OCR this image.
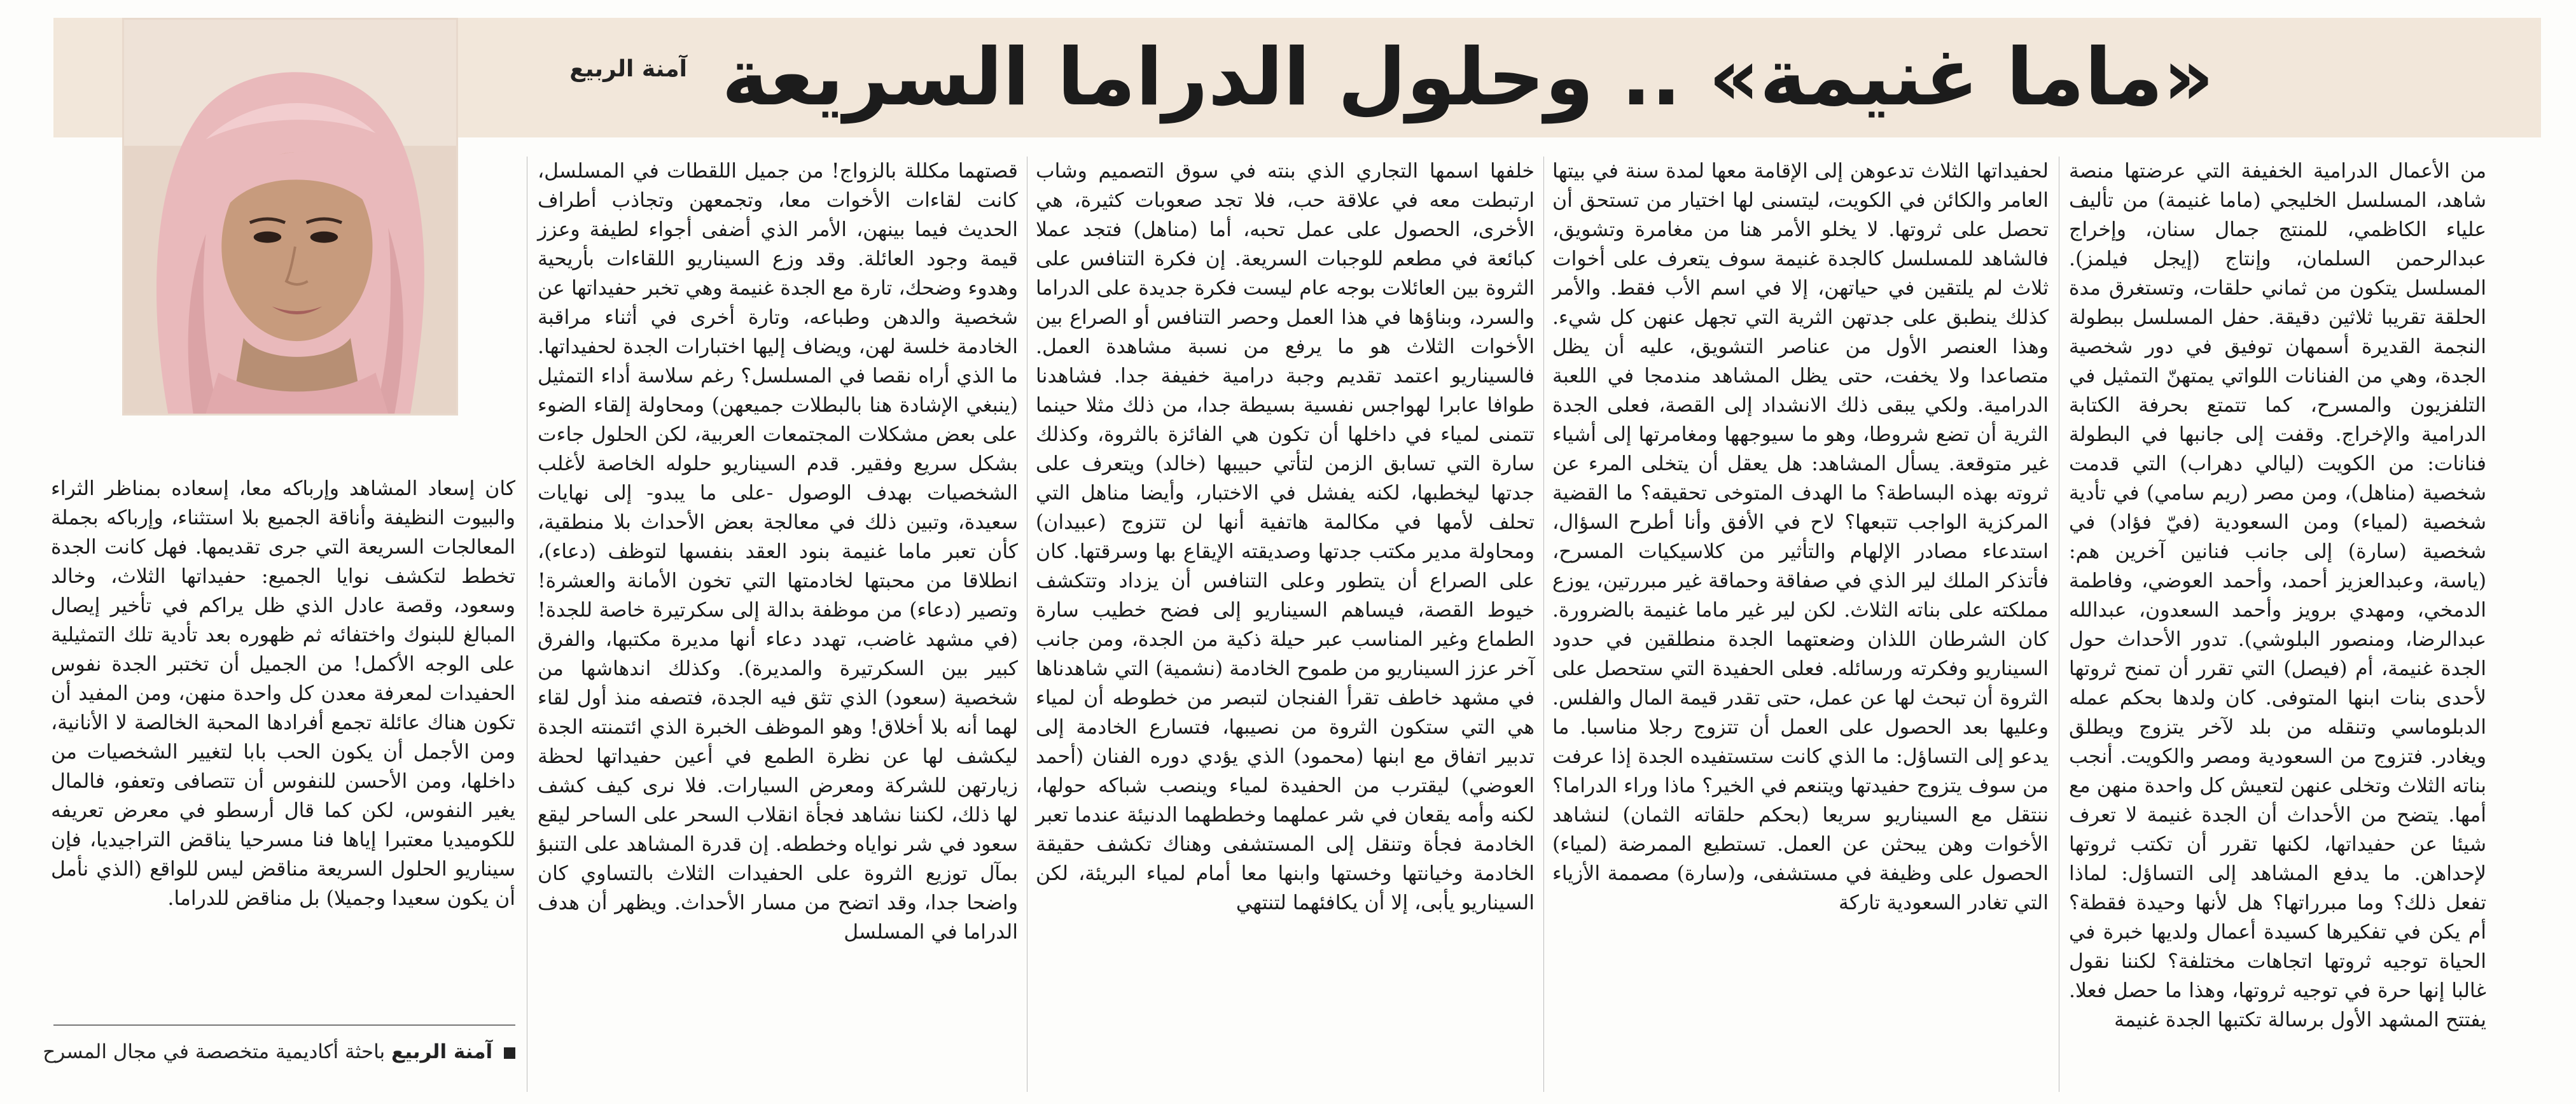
«ماما غنيمة» .. وحلول الدراما السريعة
آمنة الربيع

من الأعمال الدرامية الخفيفة التي عرضتها منصة شاهد، المسلسل الخليجي (ماما غنيمة) من تأليف علياء الكاظمي، للمنتج جمال سنان، وإخراج عبدالرحمن السلمان، وإنتاج (إيجل فيلمز). المسلسل يتكون من ثماني حلقات، وتستغرق مدة الحلقة تقريبا ثلاثين دقيقة. حفل المسلسل ببطولة النجمة القديرة أسمهان توفيق في دور شخصية الجدة، وهي من الفنانات اللواتي يمتهنّ التمثيل في التلفزيون والمسرح، كما تتمتع بحرفة الكتابة الدرامية والإخراج. وقفت إلى جانبها في البطولة فنانات: من الكويت (ليالي دهراب) التي قدمت شخصية (مناهل)، ومن مصر (ريم سامي) في تأدية شخصية (لمياء) ومن السعودية (فيّ فؤاد) في شخصية (سارة) إلى جانب فنانين آخرين هم: (ياسة، وعبدالعزيز أحمد، وأحمد العوضي، وفاطمة الدمخي، ومهدي برويز وأحمد السعدون، عبدالله عبدالرضا، ومنصور البلوشي). تدور الأحداث حول الجدة غنيمة، أم (فيصل) التي تقرر أن تمنح ثروتها لأحدى بنات ابنها المتوفى. كان ولدها بحكم عمله الدبلوماسي وتنقله من بلد لآخر يتزوج ويطلق ويغادر. فتزوج من السعودية ومصر والكويت. أنجب بناته الثلاث وتخلى عنهن لتعيش كل واحدة منهن مع أمها. يتضح من الأحداث أن الجدة غنيمة لا تعرف شيئا عن حفيداتها، لكنها تقرر أن تكتب ثروتها لإحداهن. ما يدفع المشاهد إلى التساؤل: لماذا تفعل ذلك؟ وما مبرراتها؟ هل لأنها وحيدة فقطة؟ أم يكن في تفكيرها كسيدة أعمال ولديها خبرة في الحياة توجيه ثروتها اتجاهات مختلفة؟ لكننا نقول غالبا إنها حرة في توجيه ثروتها، وهذا ما حصل فعلا. يفتتح المشهد الأول برسالة تكتبها الجدة غنيمة

لحفيداتها الثلاث تدعوهن إلى الإقامة معها لمدة سنة في بيتها العامر والكائن في الكويت، ليتسنى لها اختيار من تستحق أن تحصل على ثروتها. لا يخلو الأمر هنا من مغامرة وتشويق، فالشاهد للمسلسل كالجدة غنيمة سوف يتعرف على أخوات ثلاث لم يلتقين في حياتهن، إلا في اسم الأب فقط. والأمر كذلك ينطبق على جدتهن الثرية التي تجهل عنهن كل شيء. وهذا العنصر الأول من عناصر التشويق، عليه أن يظل متصاعدا ولا يخفت، حتى يظل المشاهد مندمجا في اللعبة الدرامية. ولكي يبقى ذلك الانشداد إلى القصة، فعلى الجدة الثرية أن تضع شروطا، وهو ما سيوجهها ومغامرتها إلى أشياء غير متوقعة. يسأل المشاهد: هل يعقل أن يتخلى المرء عن ثروته بهذه البساطة؟ ما الهدف المتوخى تحقيقه؟ ما القضية المركزية الواجب تتبعها؟ لاح في الأفق وأنا أطرح السؤال، استدعاء مصادر الإلهام والتأثير من كلاسيكيات المسرح، فأتذكر الملك لير الذي في صفاقة وحماقة غير مبررتين، يوزع مملكته على بناته الثلاث. لكن لير غير ماما غنيمة بالضرورة. كان الشرطان اللذان وضعتهما الجدة منطلقين في حدود السيناريو وفكرته ورسائله. فعلى الحفيدة التي ستحصل على الثروة أن تبحث لها عن عمل، حتى تقدر قيمة المال والفلس. وعليها بعد الحصول على العمل أن تتزوج رجلا مناسبا. ما يدعو إلى التساؤل: ما الذي كانت ستستفيده الجدة إذا عرفت من سوف يتزوج حفيدتها ويتنعم في الخير؟ ماذا وراء الدراما؟ ننتقل مع السيناريو سريعا (بحكم حلقاته الثمان) لنشاهد الأخوات وهن يبحثن عن العمل. تستطيع الممرضة (لمياء) الحصول على وظيفة في مستشفى، و(سارة) مصممة الأزياء التي تغادر السعودية تاركة

خلفها اسمها التجاري الذي بنته في سوق التصميم وشاب ارتبطت معه في علاقة حب، فلا تجد صعوبات كثيرة، هي الأخرى، الحصول على عمل تحبه، أما (مناهل) فتجد عملا كبائعة في مطعم للوجبات السريعة. إن فكرة التنافس على الثروة بين العائلات بوجه عام ليست فكرة جديدة على الدراما والسرد، وبناؤها في هذا العمل وحصر التنافس أو الصراع بين الأخوات الثلاث هو ما يرفع من نسبة مشاهدة العمل. فالسيناريو اعتمد تقديم وجبة درامية خفيفة جدا. فشاهدنا طوافا عابرا لهواجس نفسية بسيطة جدا، من ذلك مثلا حينما تتمنى لمياء في داخلها أن تكون هي الفائزة بالثروة، وكذلك سارة التي تسابق الزمن لتأتي حبيبها (خالد) ويتعرف على جدتها ليخطبها، لكنه يفشل في الاختبار، وأيضا مناهل التي تحلف لأمها في مكالمة هاتفية أنها لن تتزوج (عبيدان) ومحاولة مدير مكتب جدتها وصديقته الإيقاع بها وسرقتها. كان على الصراع أن يتطور وعلى التنافس أن يزداد وتتكشف خيوط القصة، فيساهم السيناريو إلى فضح خطيب سارة الطماع وغير المناسب عبر حيلة ذكية من الجدة، ومن جانب آخر عزز السيناريو من طموح الخادمة (نشمية) التي شاهدناها في مشهد خاطف تقرأ الفنجان لتبصر من خطوطه أن لمياء هي التي ستكون الثروة من نصيبها، فتسارع الخادمة إلى تدبير اتفاق مع ابنها (محمود) الذي يؤدي دوره الفنان (أحمد العوضي) ليقترب من الحفيدة لمياء وينصب شباكه حولها، لكنه وأمه يقعان في شر عملهما وخططهما الدنيئة عندما تعبر الخادمة فجأة وتنقل إلى المستشفى وهناك تكشف حقيقة الخادمة وخيانتها وخستها وابنها معا أمام لمياء البريئة، لكن السيناريو يأبى، إلا أن يكافئهما لتنتهي

قصتهما مكللة بالزواج! من جميل اللقطات في المسلسل، كانت لقاءات الأخوات معا، وتجمعهن وتجاذب أطراف الحديث فيما بينهن، الأمر الذي أضفى أجواء لطيفة وعزز قيمة وجود العائلة. وقد وزع السيناريو اللقاءات بأريحية وهدوء وضحك، تارة مع الجدة غنيمة وهي تخبر حفيداتها عن شخصية والدهن وطباعه، وتارة أخرى في أثناء مراقبة الخادمة خلسة لهن، ويضاف إليها اختبارات الجدة لحفيداتها. ما الذي أراه نقصا في المسلسل؟ رغم سلاسة أداء التمثيل (ينبغي الإشادة هنا بالبطلات جميعهن) ومحاولة إلقاء الضوء على بعض مشكلات المجتمعات العربية، لكن الحلول جاءت بشكل سريع وفقير. قدم السيناريو حلوله الخاصة لأغلب الشخصيات بهدف الوصول -على ما يبدو- إلى نهايات سعيدة، وتبين ذلك في معالجة بعض الأحداث بلا منطقية، كأن تعبر ماما غنيمة بنود العقد بنفسها لتوظف (دعاء)، انطلاقا من محبتها لخادمتها التي تخون الأمانة والعشرة! وتصير (دعاء) من موظفة بدالة إلى سكرتيرة خاصة للجدة! (في مشهد غاضب، تهدد دعاء أنها مديرة مكتبها، والفرق كبير بين السكرتيرة والمديرة). وكذلك اندهاشها من شخصية (سعود) الذي تثق فيه الجدة، فتصفه منذ أول لقاء لهما أنه بلا أخلاق! وهو الموظف الخبرة الذي ائتمنته الجدة ليكشف لها عن نظرة الطمع في أعين حفيداتها لحظة زيارتهن للشركة ومعرض السيارات. فلا نرى كيف كشف لها ذلك، لكننا نشاهد فجأة انقلاب السحر على الساحر ليقع سعود في شر نواياه وخططه. إن قدرة المشاهد على التنبؤ بمآل توزيع الثروة على الحفيدات الثلاث بالتساوي كان واضحا جدا، وقد اتضح من مسار الأحداث. ويظهر أن هدف الدراما في المسلسل

كان إسعاد المشاهد وإرباكه معا، إسعاده بمناظر الثراء والبيوت النظيفة وأناقة الجميع بلا استثناء، وإرباكه بجملة المعالجات السريعة التي جرى تقديمها. فهل كانت الجدة تخطط لتكشف نوايا الجميع: حفيداتها الثلاث، وخالد وسعود، وقصة عادل الذي ظل يراكم في تأخير إيصال المبالغ للبنوك واختفائه ثم ظهوره بعد تأدية تلك التمثيلية على الوجه الأكمل! من الجميل أن تختبر الجدة نفوس الحفيدات لمعرفة معدن كل واحدة منهن، ومن المفيد أن تكون هناك عائلة تجمع أفرادها المحبة الخالصة لا الأنانية، ومن الأجمل أن يكون الحب بابا لتغيير الشخصيات من داخلها، ومن الأحسن للنفوس أن تتصافى وتعفو، فالمال يغير النفوس، لكن كما قال أرسطو في معرض تعريفه للكوميديا معتبرا إياها فنا مسرحيا يناقض التراجيديا، فإن سيناريو الحلول السريعة مناقض ليس للواقع (الذي نأمل أن يكون سعيدا وجميلا) بل مناقض للدراما.

آمنة الربيع باحثة أكاديمية متخصصة في مجال المسرح
